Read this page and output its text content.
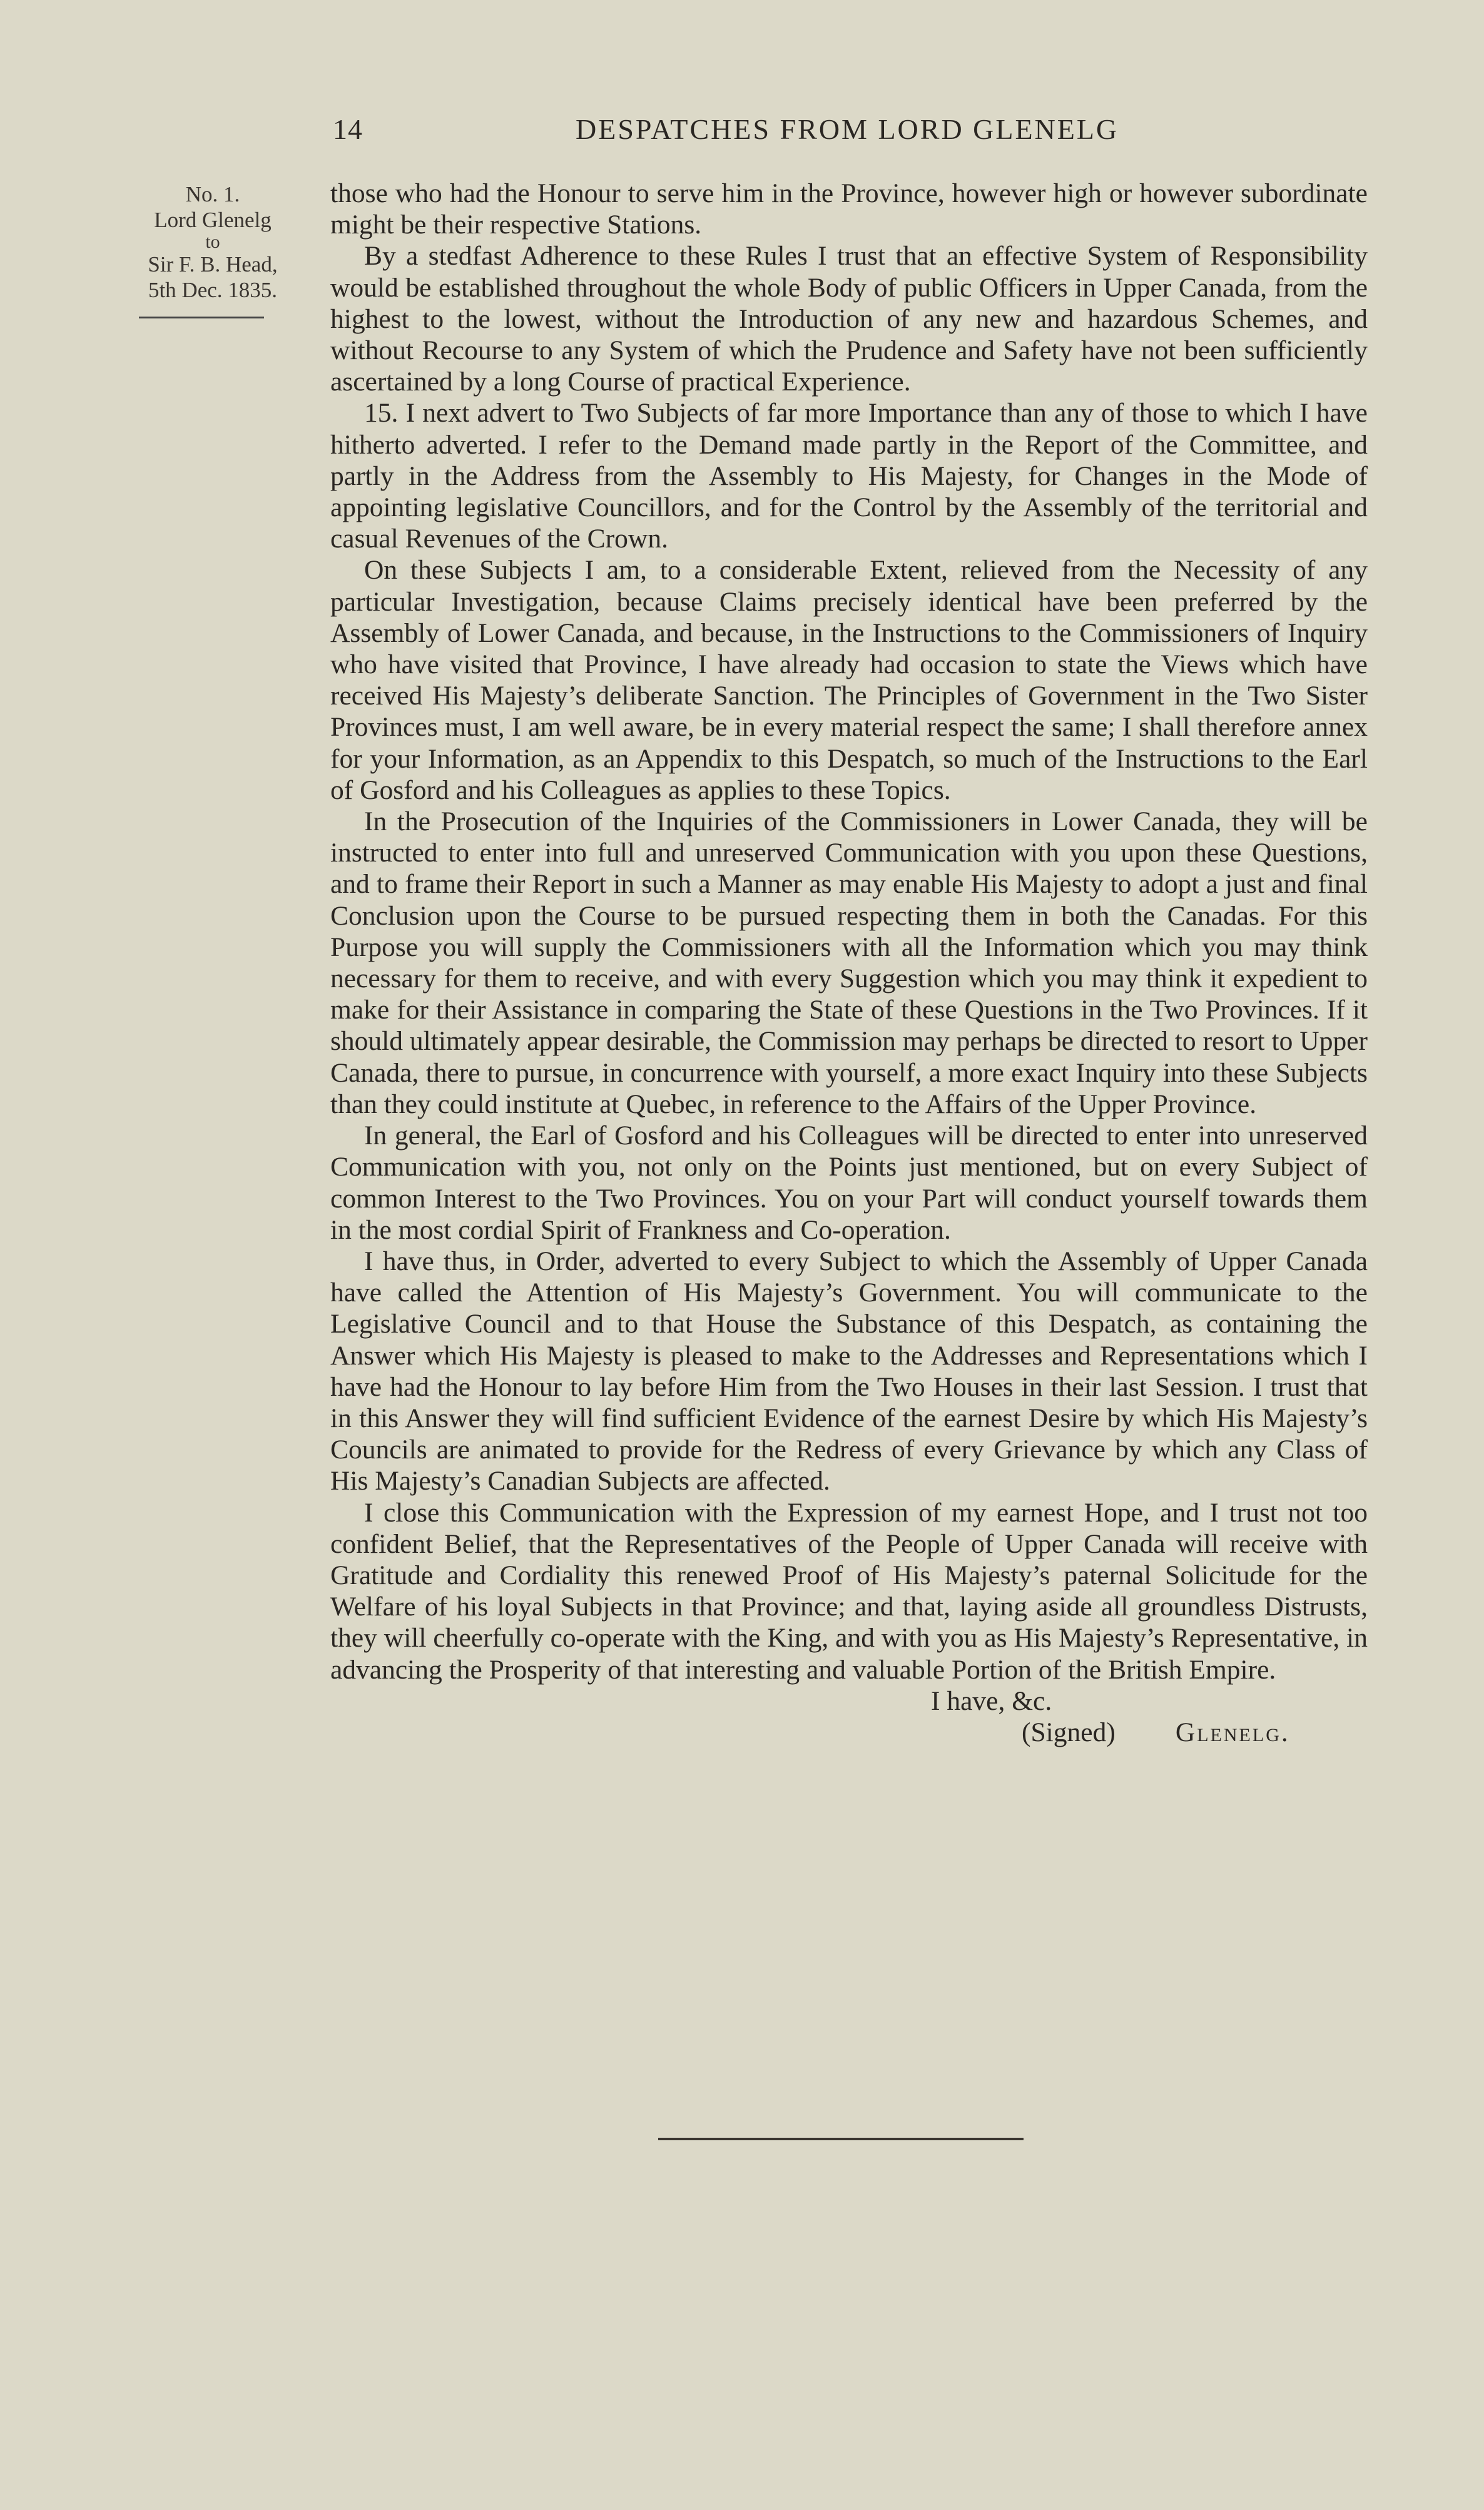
14	DESPATCHES FROM LORD GLENELG
No. 1.
Lord Glenelg
to
Sir F. B. Head,
5th Dec. 1835.

those who had the Honour to serve him in the Province, however high or however subordinate might be their respective Stations.

By a stedfast Adherence to these Rules I trust that an effective System of Responsibility would be established throughout the whole Body of public Officers in Upper Canada, from the highest to the lowest, without the Introduction of any new and hazardous Schemes, and without Recourse to any System of which the Prudence and Safety have not been sufficiently ascertained by a long Course of practical Experience.

15. I next advert to Two Subjects of far more Importance than any of those to which I have hitherto adverted. I refer to the Demand made partly in the Report of the Committee, and partly in the Address from the Assembly to His Majesty, for Changes in the Mode of appointing legislative Councillors, and for the Control by the Assembly of the territorial and casual Revenues of the Crown.

On these Subjects I am, to a considerable Extent, relieved from the Necessity of any particular Investigation, because Claims precisely identical have been preferred by the Assembly of Lower Canada, and because, in the Instructions to the Commissioners of Inquiry who have visited that Province, I have already had occasion to state the Views which have received His Majesty’s deliberate Sanction. The Principles of Government in the Two Sister Provinces must, I am well aware, be in every material respect the same; I shall therefore annex for your Information, as an Appendix to this Despatch, so much of the Instructions to the Earl of Gosford and his Colleagues as applies to these Topics.

In the Prosecution of the Inquiries of the Commissioners in Lower Canada, they will be instructed to enter into full and unreserved Communication with you upon these Questions, and to frame their Report in such a Manner as may enable His Majesty to adopt a just and final Conclusion upon the Course to be pursued respecting them in both the Canadas. For this Purpose you will supply the Commissioners with all the Information which you may think necessary for them to receive, and with every Suggestion which you may think it expedient to make for their Assistance in comparing the State of these Questions in the Two Provinces. If it should ultimately appear desirable, the Commission may perhaps be directed to resort to Upper Canada, there to pursue, in concurrence with yourself, a more exact Inquiry into these Subjects than they could institute at Quebec, in reference to the Affairs of the Upper Province.

In general, the Earl of Gosford and his Colleagues will be directed to enter into unreserved Communication with you, not only on the Points just mentioned, but on every Subject of common Interest to the Two Provinces. You on your Part will conduct yourself towards them in the most cordial Spirit of Frankness and Co-operation.

I have thus, in Order, adverted to every Subject to which the Assembly of Upper Canada have called the Attention of His Majesty’s Government. You will communicate to the Legislative Council and to that House the Substance of this Despatch, as containing the Answer which His Majesty is pleased to make to the Addresses and Representations which I have had the Honour to lay before Him from the Two Houses in their last Session. I trust that in this Answer they will find sufficient Evidence of the earnest Desire by which His Majesty’s Councils are animated to provide for the Redress of every Grievance by which any Class of His Majesty’s Canadian Subjects are affected.

I close this Communication with the Expression of my earnest Hope, and I trust not too confident Belief, that the Representatives of the People of Upper Canada will receive with Gratitude and Cordiality this renewed Proof of His Majesty’s paternal Solicitude for the Welfare of his loyal Subjects in that Province; and that, laying aside all groundless Distrusts, they will cheerfully co-operate with the King, and with you as His Majesty’s Representative, in advancing the Prosperity of that interesting and valuable Portion of the British Empire.

I have, &c.
(Signed) Glenelg.
